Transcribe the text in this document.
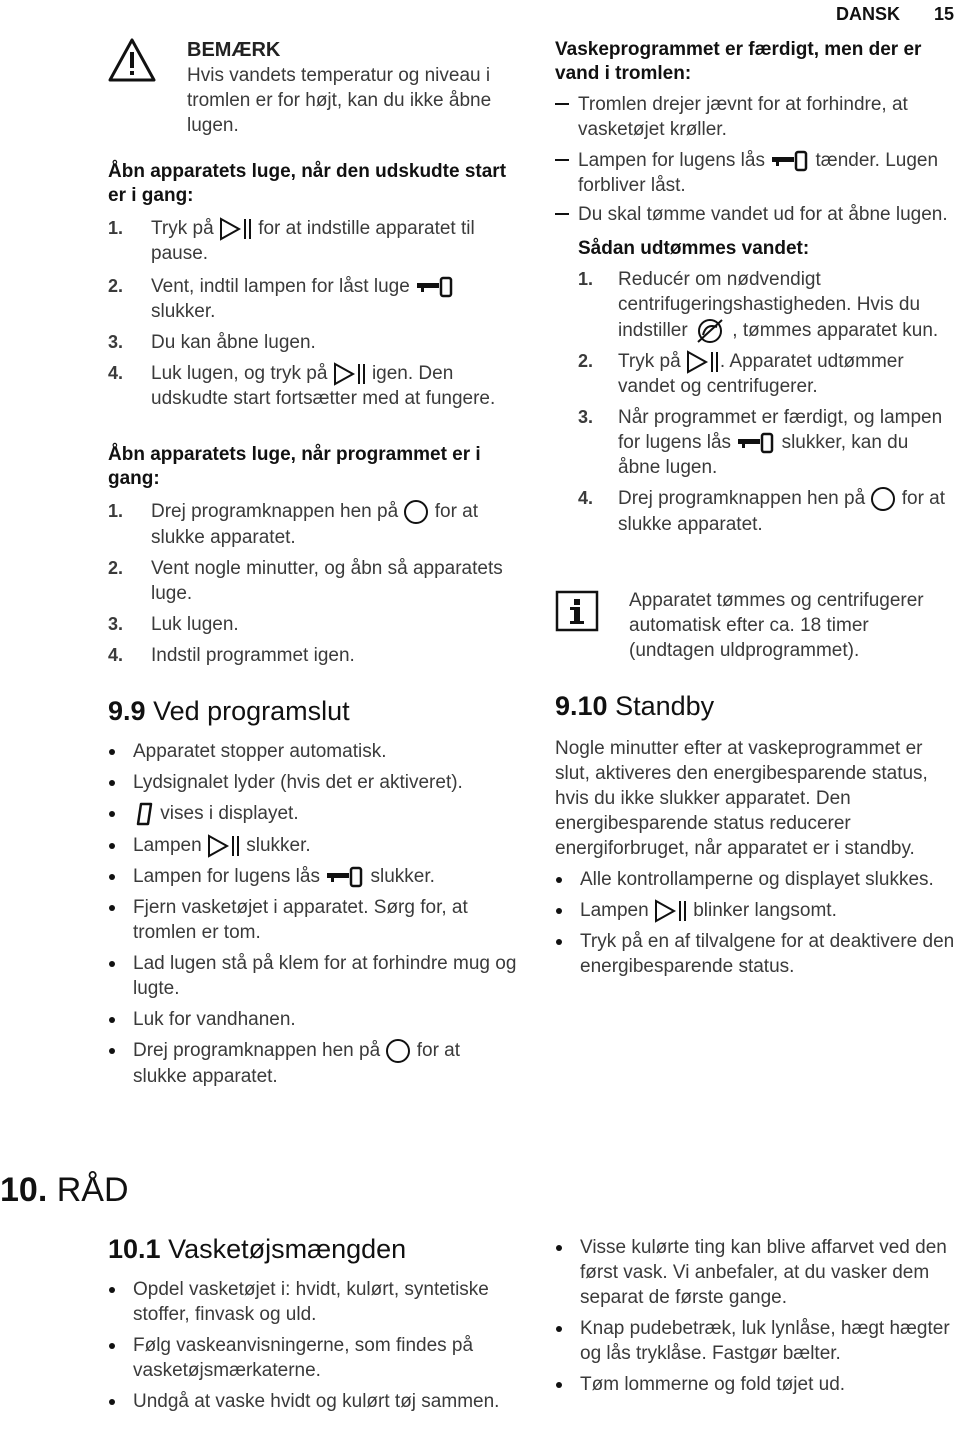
DANSK 15

BEMÆRK

Hvis vandets temperatur og niveau i tromlen er for højt, kan du ikke åbne lugen.

Åbn apparatets luge, når den udskudte start er i gang:

1. Tryk på for at indstille apparatet til pause.
2. Vent, indtil lampen for låst luge  slukker.
3. Du kan åbne lugen.
4. Luk lugen, og tryk på igen. Den udskudte start fortsætter med at fungere.

Åbn apparatets luge, når programmet er i gang:

1. Drej programknappen hen på for at slukke apparatet.
2. Vent nogle minutter, og åbn så apparatets luge.
3. Luk lugen.
4. Indstil programmet igen.

9.9 Ved programslut

Apparatet stopper automatisk.
Lydsignalet lyder (hvis det er aktiveret).
vises i displayet.
Lampen slukker.
Lampen for lugens lås	slukker.
Fjern vasketøjet i apparatet. Sørg for, at tromlen er tom.
Lad lugen stå på klem for at forhindre mug og lugte.
Luk for vandhanen.
Drej programknappen hen på for at slukke apparatet.

Vaskeprogrammet er færdigt, men der er vand i tromlen:

Tromlen drejer jævnt for at forhindre, at vasketøjet krøller.
Lampen for lugens lås	tænder. Lugen forbliver låst.
Du skal tømme vandet ud for at åbne lugen.

Sådan udtømmes vandet:

1. Reducér om nødvendigt centrifugeringshastigheden. Hvis du indstiller , tømmes apparatet kun.
2. Tryk på . Apparatet udtømmer vandet og centrifugerer.
3. Når programmet er færdigt, og lampen for lugens lås	slukker, kan du åbne lugen.
4. Drej programknappen hen på for at slukke apparatet.
Apparatet tømmes og centrifugerer automatisk efter ca. 18 timer (undtagen uldprogrammet).

9.10 Standby

Nogle minutter efter at vaskeprogrammet er slut, aktiveres den energibesparende status, hvis du ikke slukker apparatet. Den energibesparende status reducerer energiforbruget, når apparatet er i standby.

Alle kontrollamperne og displayet slukkes.
Lampen blinker langsomt.
Tryk på en af tilvalgene for at deaktivere den energibesparende status.
10. RÅD

10.1 Vasketøjsmængden

Opdel vasketøjet i: hvidt, kulørt, syntetiske stoffer, finvask og uld.
Følg vaskeanvisningerne, som findes på vasketøjsmærkaterne.
Undgå at vaske hvidt og kulørt tøj sammen.
Visse kulørte ting kan blive affarvet ved den først vask. Vi anbefaler, at du vasker dem separat de første gange.
Knap pudebetræk, luk lynlåse, hægt hægter og lås tryklåse. Fastgør bælter.
Tøm lommerne og fold tøjet ud.
